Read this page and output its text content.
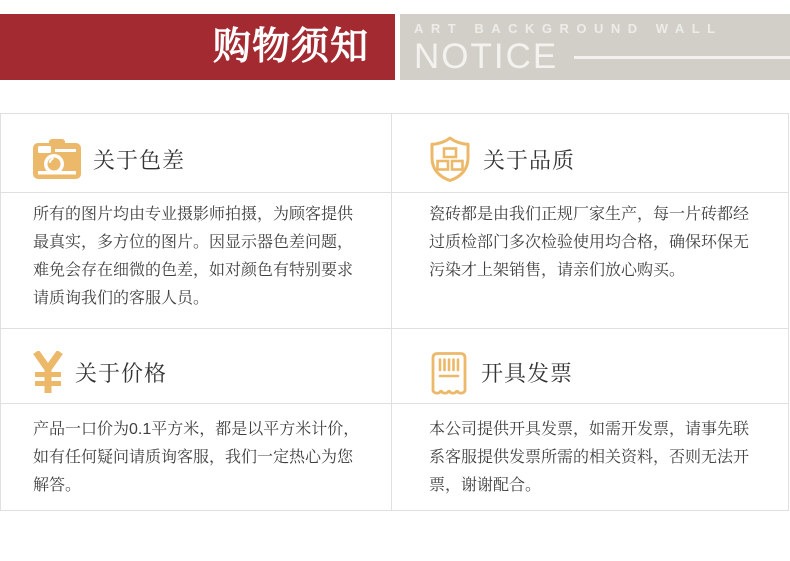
购物须知	ART BACKGROUND WALL
NOTICE
关于色差

所有的图片均由专业摄影师拍摄，为顾客提供最真实，多方位的图片。因显示器色差问题，难免会存在细微的色差，如对颜色有特别要求请质询我们的客服人员。

关于品质

瓷砖都是由我们正规厂家生产，每一片砖都经过质检部门多次检验使用均合格，确保环保无污染才上架销售，请亲们放心购买。

关于价格

产品一口价为0.1平方米，都是以平方米计价，如有任何疑问请质询客服，我们一定热心为您解答。

开具发票

本公司提供开具发票，如需开发票，请事先联系客服提供发票所需的相关资料，否则无法开票，谢谢配合。
